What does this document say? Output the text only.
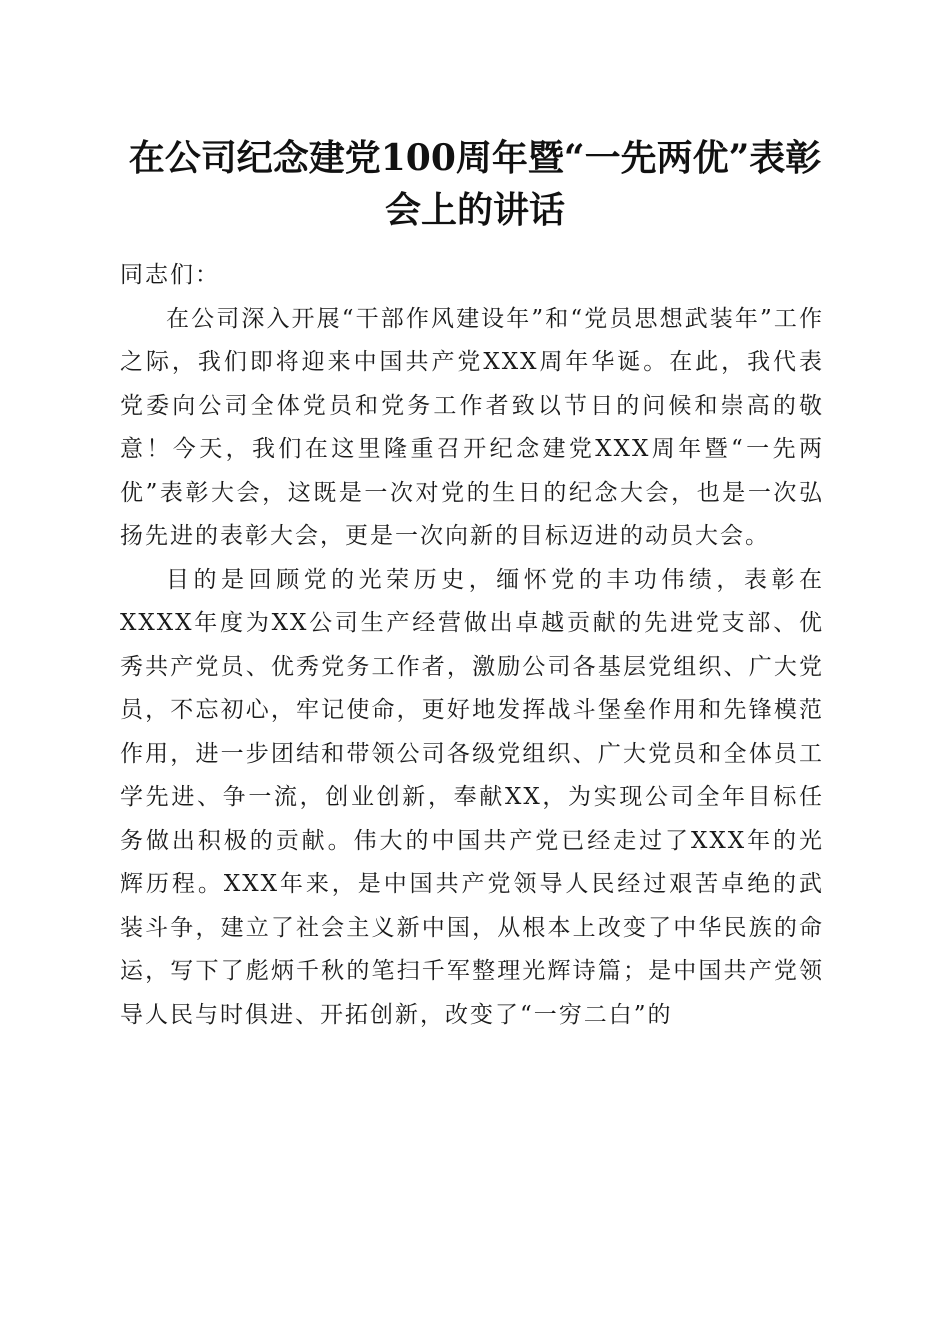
在公司纪念建党100周年暨“一先两优”表彰
会上的讲话

同志们：

在公司深入开展“干部作风建设年”和“党员思想武装年”工作之际，我们即将迎来中国共产党XXX周年华诞。在此，我代表党委向公司全体党员和党务工作者致以节日的问候和崇高的敬意！今天，我们在这里隆重召开纪念建党XXX周年暨“一先两优”表彰大会，这既是一次对党的生日的纪念大会，也是一次弘扬先进的表彰大会，更是一次向新的目标迈进的动员大会。

目的是回顾党的光荣历史，缅怀党的丰功伟绩，表彰在XXXX年度为XX公司生产经营做出卓越贡献的先进党支部、优秀共产党员、优秀党务工作者，激励公司各基层党组织、广大党员，不忘初心，牢记使命，更好地发挥战斗堡垒作用和先锋模范作用，进一步团结和带领公司各级党组织、广大党员和全体员工学先进、争一流，创业创新，奉献XX，为实现公司全年目标任务做出积极的贡献。伟大的中国共产党已经走过了XXX年的光辉历程。XXX年来，是中国共产党领导人民经过艰苦卓绝的武装斗争，建立了社会主义新中国，从根本上改变了中华民族的命运，写下了彪炳千秋的笔扫千军整理光辉诗篇；是中国共产党领导人民与时俱进、开拓创新，改变了“一穷二白”的
